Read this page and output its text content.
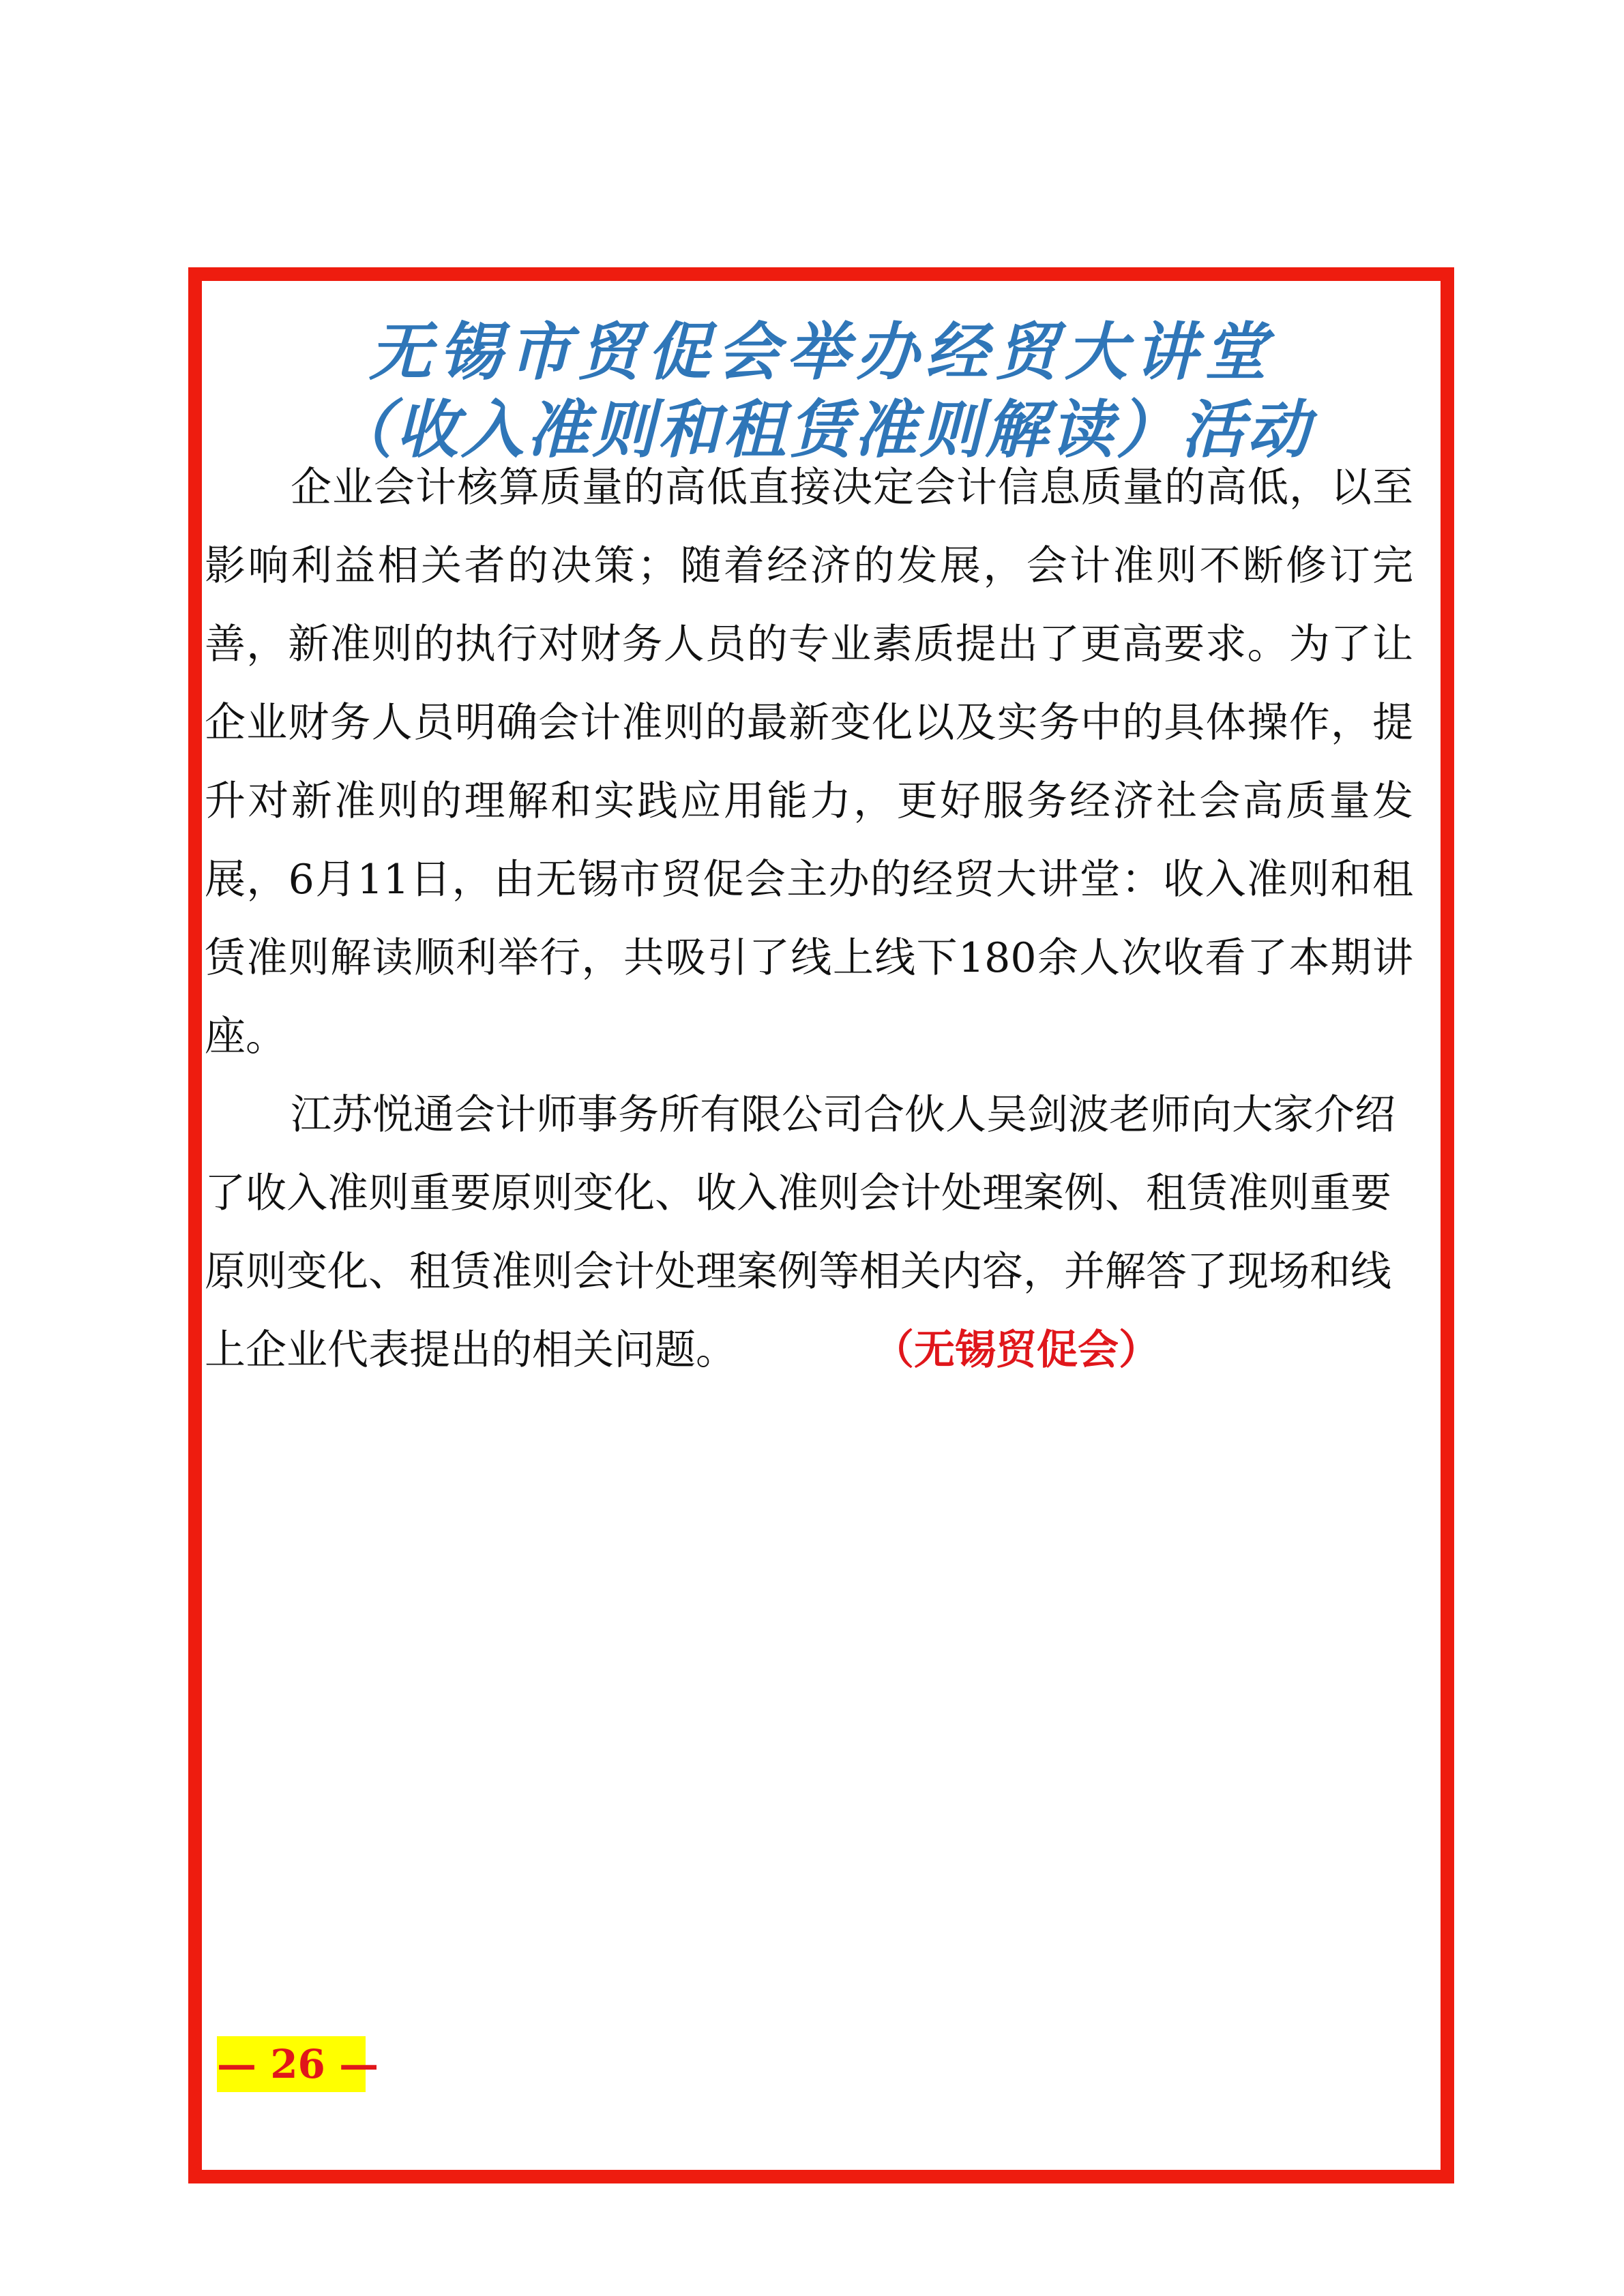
无锡市贸促会举办经贸大讲堂
（收入准则和租赁准则解读）活动

企业会计核算质量的高低直接决定会计信息质量的高低，以至影响利益相关者的决策；随着经济的发展，会计准则不断修订完善，新准则的执行对财务人员的专业素质提出了更高要求。为了让企业财务人员明确会计准则的最新变化以及实务中的具体操作，提升对新准则的理解和实践应用能力，更好服务经济社会高质量发展，6月11日，由无锡市贸促会主办的经贸大讲堂：收入准则和租赁准则解读顺利举行，共吸引了线上线下180余人次收看了本期讲座。

江苏悦通会计师事务所有限公司合伙人吴剑波老师向大家介绍了收入准则重要原则变化、收入准则会计处理案例、租赁准则重要原则变化、租赁准则会计处理案例等相关内容，并解答了现场和线上企业代表提出的相关问题。	（无锡贸促会）

— 26 —
